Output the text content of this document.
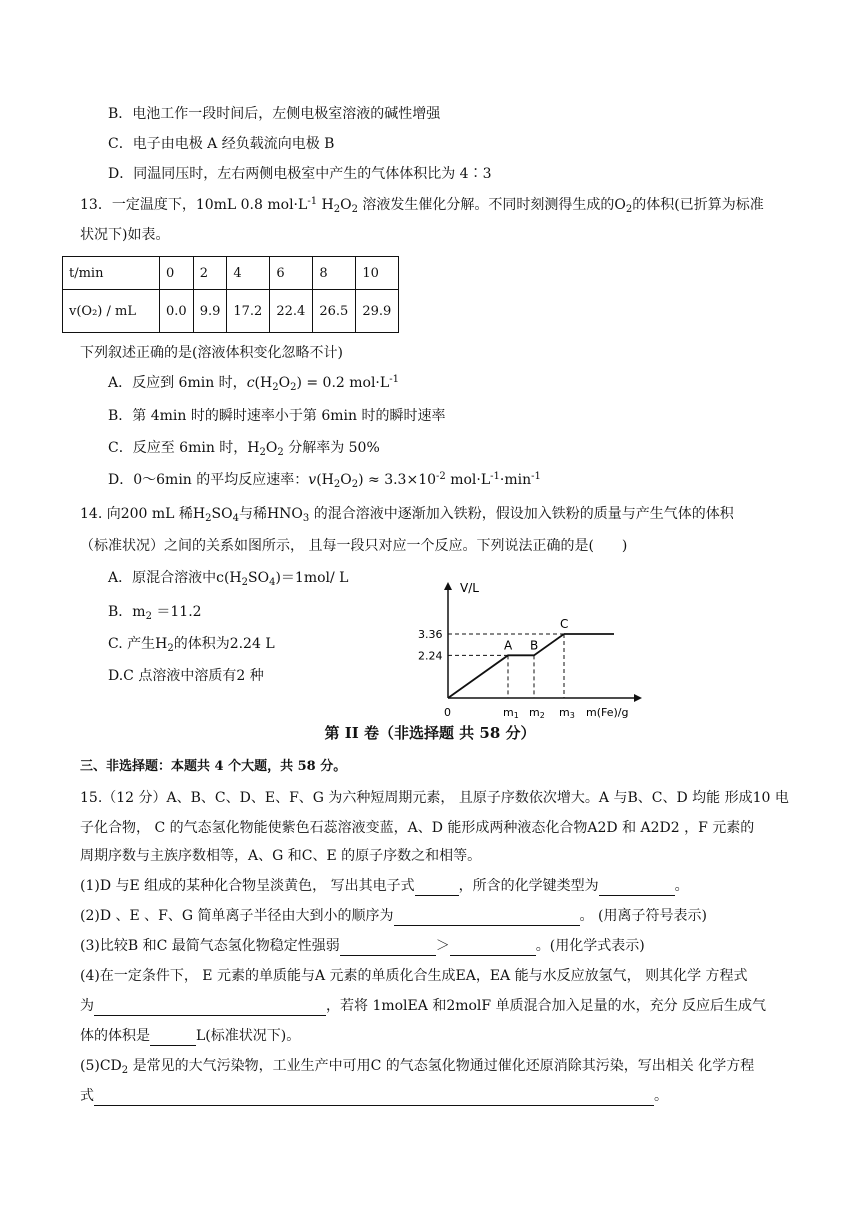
B．电池工作一段时间后，左侧电极室溶液的碱性增强
C．电子由电极 A 经负载流向电极 B
D．同温同压时，左右两侧电极室中产生的气体体积比为 4∶3
13．一定温度下，10mL 0.8 $mol\cdot L^{-1}$ $H_2O_2$ 溶液发生催化分解。不同时刻测得生成的$O_2$的体积(已折算为标准
状况下)如表。
t/min	0	2	4	6	8	10
v(O₂) / mL	0.0	9.9	17.2	22.4	26.5	29.9
下列叙述正确的是(溶液体积变化忽略不计)
A．反应到 6min 时，$c(H_2O_2) = 0.2$ $mol\cdot L^{-1}$
B．第 4min 时的瞬时速率小于第 6min 时的瞬时速率
C．反应至 6min 时，$H_2O_2$ 分解率为 50%
D．0～6min 的平均反应速率：$v(H_2O_2) \approx 3.3\times 10^{-2}$ $mol\cdot L^{-1}\cdot\min^{-1}$
14. 向200 mL 稀$H_2SO_4$与稀$HNO_3$ 的混合溶液中逐渐加入铁粉，假设加入铁粉的质量与产生气体的体积
（标准状况）之间的关系如图所示， 且每一段只对应一个反应。下列说法正确的是(　　)
A．原混合溶液中$c(H_2SO_4)=1mol/$ L
B．$m_2 =11.2$
C. 产生$H_2$的体积为2.24 L
D.C 点溶液中溶质有2 种
V/L
m(Fe)/g
0
2.24
3.36
m1 m2 m3
A B
C
第 II 卷（非选择题 共 58 分）
三、非选择题：本题共 4 个大题，共 58 分。
15.（12 分）A、B、C、D、E、F、G 为六种短周期元素， 且原子序数依次增大。A 与B、C、D 均能 形成10 电
子化合物， C 的气态氢化物能使紫色石蕊溶液变蓝，A、D 能形成两种液态化合物A2D 和 A2D2 ，F 元素的
周期序数与主族序数相等，A、G 和C、E 的原子序数之和相等。
(1)D 与E 组成的某种化合物呈淡黄色， 写出其电子式	，所含的化学键类型为	。
(2)D 、E 、F、G 简单离子半径由大到小的顺序为	。 (用离子符号表示)
(3)比较B 和C 最简气态氢化物稳定性强弱	＞	。(用化学式表示)
(4)在一定条件下， E 元素的单质能与A 元素的单质化合生成EA，EA 能与水反应放氢气， 则其化学 方程式
为	，若将 1molEA 和2molF 单质混合加入足量的水，充分 反应后生成气
体的体积是	L(标准状况下)。
$(5)CD_2$ 是常见的大气污染物，工业生产中可用C 的气态氢化物通过催化还原消除其污染，写出相关 化学方程
式	。
